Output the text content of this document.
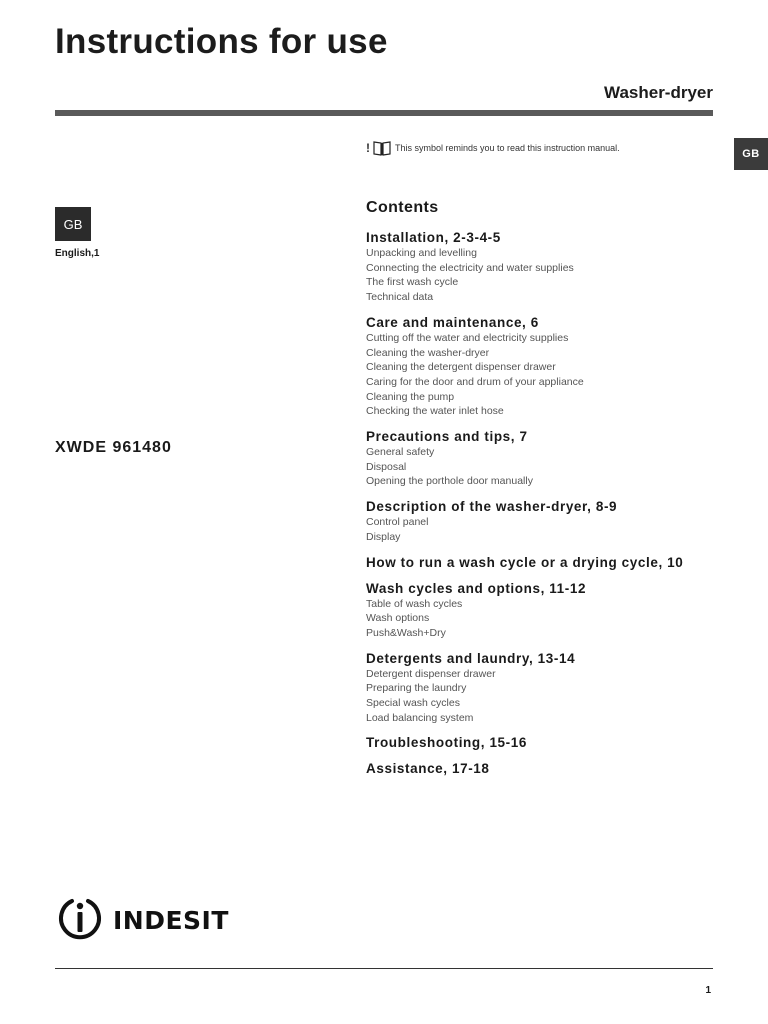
Instructions for use
Washer-dryer
GB
GB
English,1
XWDE 961480
!	This symbol reminds you to read this instruction manual.
Contents
Installation, 2-3-4-5
Unpacking and levelling
Connecting the electricity and water supplies
The first wash cycle
Technical data
Care and maintenance, 6
Cutting off the water and electricity supplies
Cleaning the washer-dryer
Cleaning the detergent dispenser drawer
Caring for the door and drum of your appliance
Cleaning the pump
Checking the water inlet hose
Precautions and tips, 7
General safety
Disposal
Opening the porthole door manually
Description of the washer-dryer, 8-9
Control panel
Display
How to run a wash cycle or a drying cycle, 10
Wash cycles and options, 11-12
Table of wash cycles
Wash options
Push&Wash+Dry
Detergents and laundry, 13-14
Detergent dispenser drawer
Preparing the laundry
Special wash cycles
Load balancing system
Troubleshooting, 15-16
Assistance, 17-18
INDESIT
1
